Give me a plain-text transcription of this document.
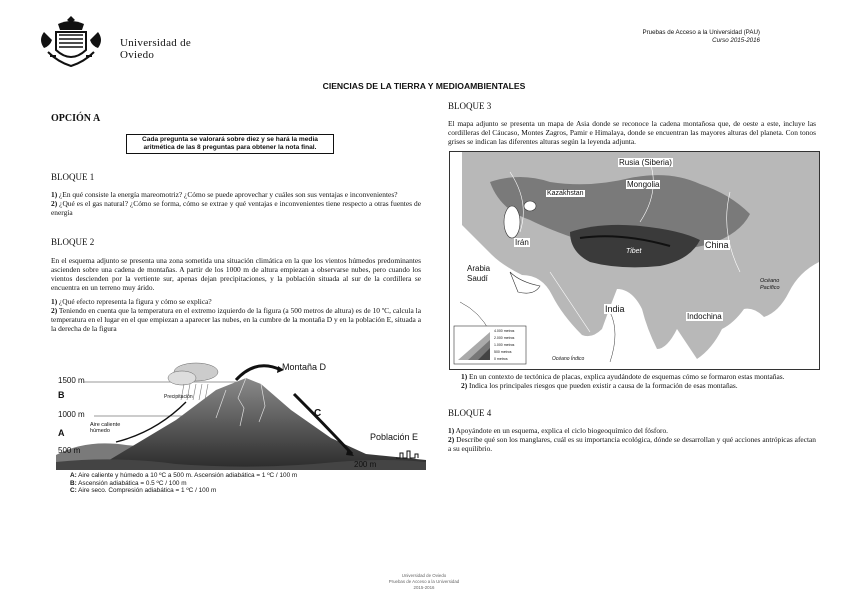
Universidad de
Oviedo
Pruebas de Acceso a la Universidad (PAU)
Curso 2015-2016
CIENCIAS DE LA TIERRA Y MEDIOAMBIENTALES
OPCIÓN A
Cada pregunta se valorará sobre diez y se hará la media
aritmética de las 8 preguntas para obtener la nota final.

BLOQUE 1

1) ¿En qué consiste la energía mareomotriz? ¿Cómo se puede aprovechar y cuáles son sus ventajas e inconvenientes?

2) ¿Qué es el gas natural? ¿Cómo se forma, cómo se extrae y qué ventajas e inconvenientes tiene respecto a otras fuentes de energía

BLOQUE 2

En el esquema adjunto se presenta una zona sometida una situación climática en la que los vientos húmedos predominantes ascienden sobre una cadena de montañas. A partir de los 1000 m de altura empiezan a observarse nubes, pero cuando los vientos descienden por la vertiente sur, apenas dejan precipitaciones, y la población situada al sur de la cordillera se encuentra en un terreno muy árido.

1) ¿Qué efecto representa la figura y cómo se explica?

2) Teniendo en cuenta que la temperatura en el extremo izquierdo de la figura (a 500 metros de altura) es de 10 ºC, calcula la temperatura en el lugar en el que empiezan a aparecer las nubes, en la cumbre de la montaña D y en la población E, situada a la derecha de la figura

1500 m
B
1000 m
A
500 m
Precipitación
Aire caliente
húmedo
Montaña D
C
Población E
200 m
A: Aire caliente y húmedo a 10 ºC a 500 m. Ascensión adiabática = 1 ºC / 100 m
B: Ascensión adiabática = 0.5 ºC / 100 m
C: Aire seco. Compresión adiabática = 1 ºC / 100 m

BLOQUE 3

El mapa adjunto se presenta un mapa de Asia donde se reconoce la cadena montañosa que, de oeste a este, incluye las cordilleras del Cáucaso, Montes Zagros, Pamir e Himalaya, donde se encuentran las mayores alturas del planeta. Con tonos grises se indican las diferentes alturas según la leyenda adjunta.

Rusia (Siberia)
Mongolia
Kazakhstan
Irán
Tibet
China
Arabia
Saudí
India
Indochina
Océano Índico
Océano
Pacífico
4.000 metros
2.000 metros
1.000 metros
500 metros
0 metros

1) En un contexto de tectónica de placas, explica ayudándote de esquemas cómo se formaron estas montañas.

2) Indica los principales riesgos que pueden existir a causa de la formación de esas montañas.

BLOQUE 4

1) Apoyándote en un esquema, explica el ciclo biogeoquímico del fósforo.

2) Describe qué son los manglares, cuál es su importancia ecológica, dónde se desarrollan y qué acciones antrópicas afectan a su equilibrio.

Universidad de Oviedo
Pruebas de Acceso a la Universidad
2015-2016
